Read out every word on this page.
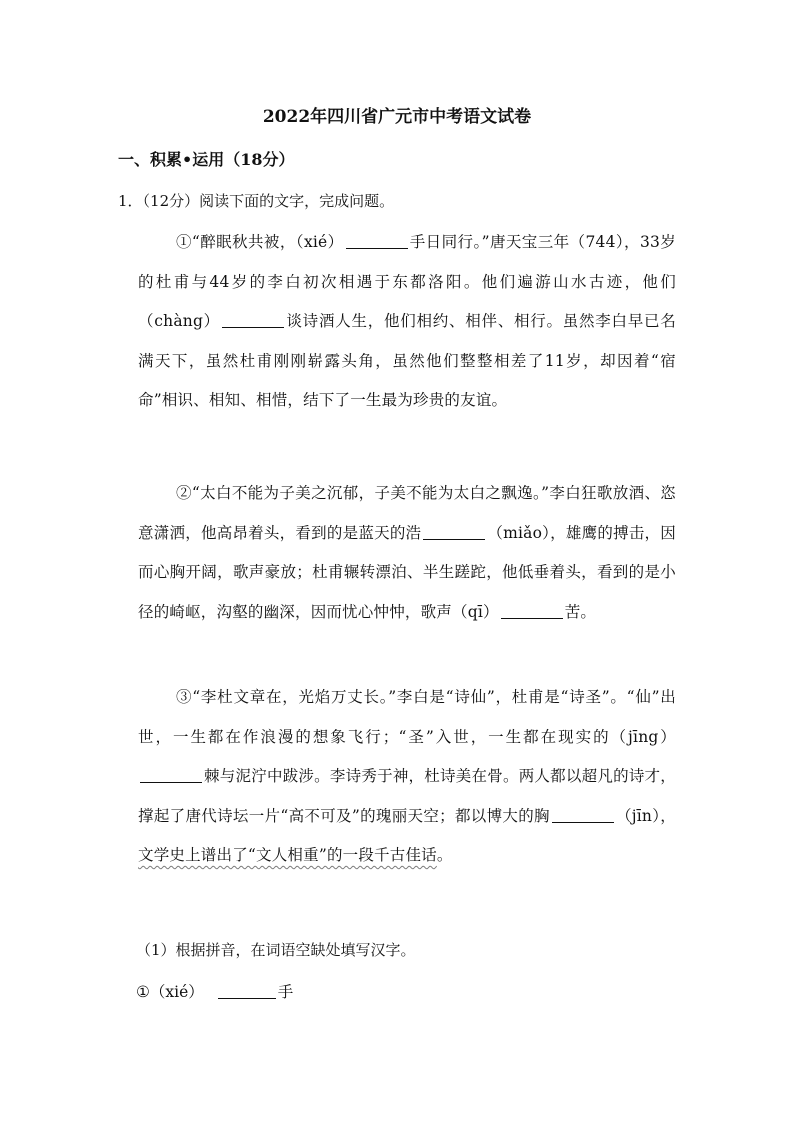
2022年四川省广元市中考语文试卷
一、积累•运用（18分）
1．（12分）阅读下面的文字，完成问题。
①“醉眠秋共被，（xié）	手日同行。”唐天宝三年（744），33岁的杜甫与44岁的李白初次相遇于东都洛阳。他们遍游山水古迹，他们（chàng）	谈诗酒人生，他们相约、相伴、相行。虽然李白早已名满天下，虽然杜甫刚刚崭露头角，虽然他们整整相差了11岁，却因着“宿命”相识、相知、相惜，结下了一生最为珍贵的友谊。
②“太白不能为子美之沉郁，子美不能为太白之飘逸。”李白狂歌放酒、恣意潇洒，他高昂着头，看到的是蓝天的浩	（miǎo），雄鹰的搏击，因而心胸开阔，歌声豪放；杜甫辗转漂泊、半生蹉跎，他低垂着头，看到的是小径的崎岖，沟壑的幽深，因而忧心忡忡，歌声（qī）	苦。
③“李杜文章在，光焰万丈长。”李白是“诗仙”，杜甫是“诗圣”。“仙”出世，一生都在作浪漫的想象飞行；“圣”入世，一生都在现实的（jīng）棘与泥泞中跋涉。李诗秀于神，杜诗美在骨。两人都以超凡的诗才，撑起了唐代诗坛一片“高不可及”的瑰丽天空；都以博大的胸	（jīn），文学史上谱出了“文人相重”的一段千古佳话。
（1）根据拼音，在词语空缺处填写汉字。
①（xié）	手
